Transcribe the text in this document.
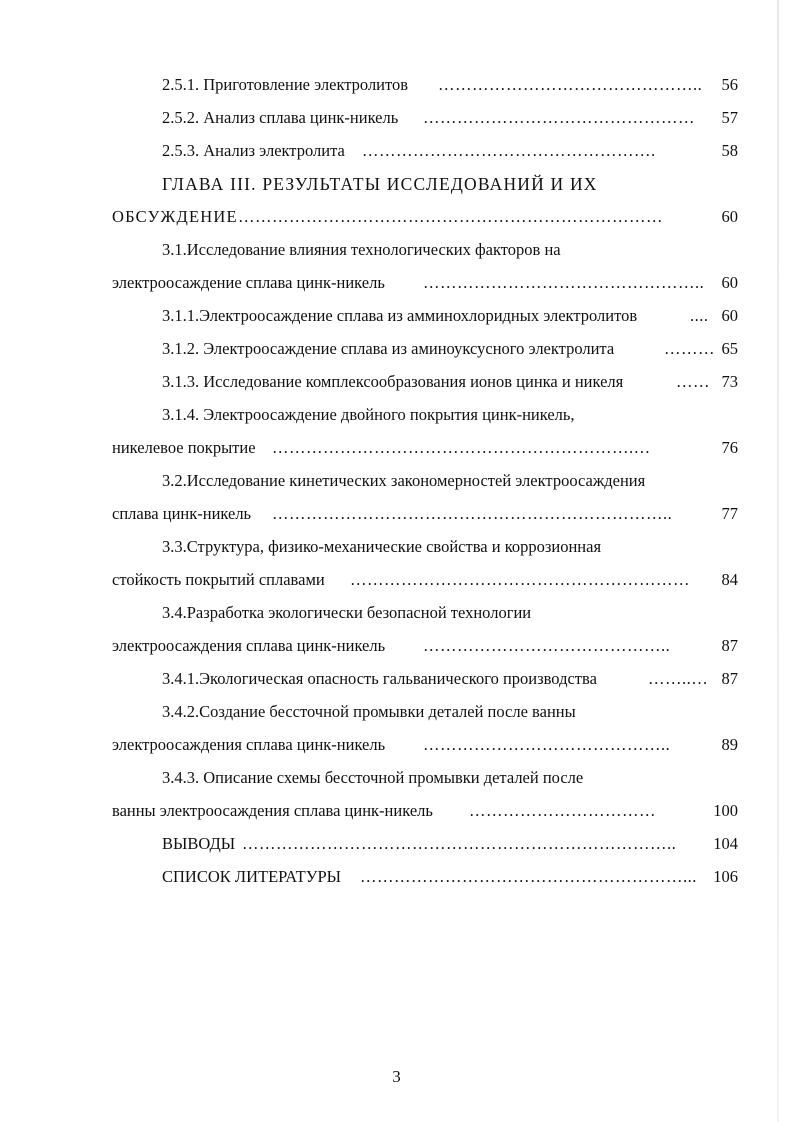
2.5.1. Приготовление электролитов ………………………………………..	56
2.5.2. Анализ сплава цинк-никель …………………………………………	57
2.5.3. Анализ электролита …………………………………………….	58
ГЛАВА III. РЕЗУЛЬТАТЫ ИССЛЕДОВАНИЙ И ИХ
ОБСУЖДЕНИЕ …………………………………………………………………	60
3.1.Исследование влияния технологических факторов на
электроосаждение сплава цинк-никель …………………………………………..	60
3.1.1.Электроосаждение сплава из амминохлоридных электролитов	.... 60
3.1.2. Электроосаждение сплава из аминоуксусного электролита	……… 65
3.1.3. Исследование комплексообразования ионов цинка и никеля	…… 73
3.1.4. Электроосаждение двойного покрытия цинк-никель,
никелевое покрытие ……………………………………………………….…	76
3.2.Исследование кинетических закономерностей электроосаждения
сплава цинк-никель ……………………………………………………………..	77
3.3.Структура, физико-механические свойства и коррозионная
стойкость покрытий сплавами ……………………………………………………	84
3.4.Разработка экологически безопасной технологии
электроосаждения сплава цинк-никель ……………………………………..	87
3.4.1.Экологическая опасность гальванического производства	……..… 87
3.4.2.Создание бессточной промывки деталей после ванны
электроосаждения сплава цинк-никель ……………………………………..	89
3.4.3. Описание схемы бессточной промывки деталей после
ванны электроосаждения сплава цинк-никель ……………………………	100
ВЫВОДЫ …………………………………………………………………..	104
СПИСОК ЛИТЕРАТУРЫ …………………………………………………... 106
3
